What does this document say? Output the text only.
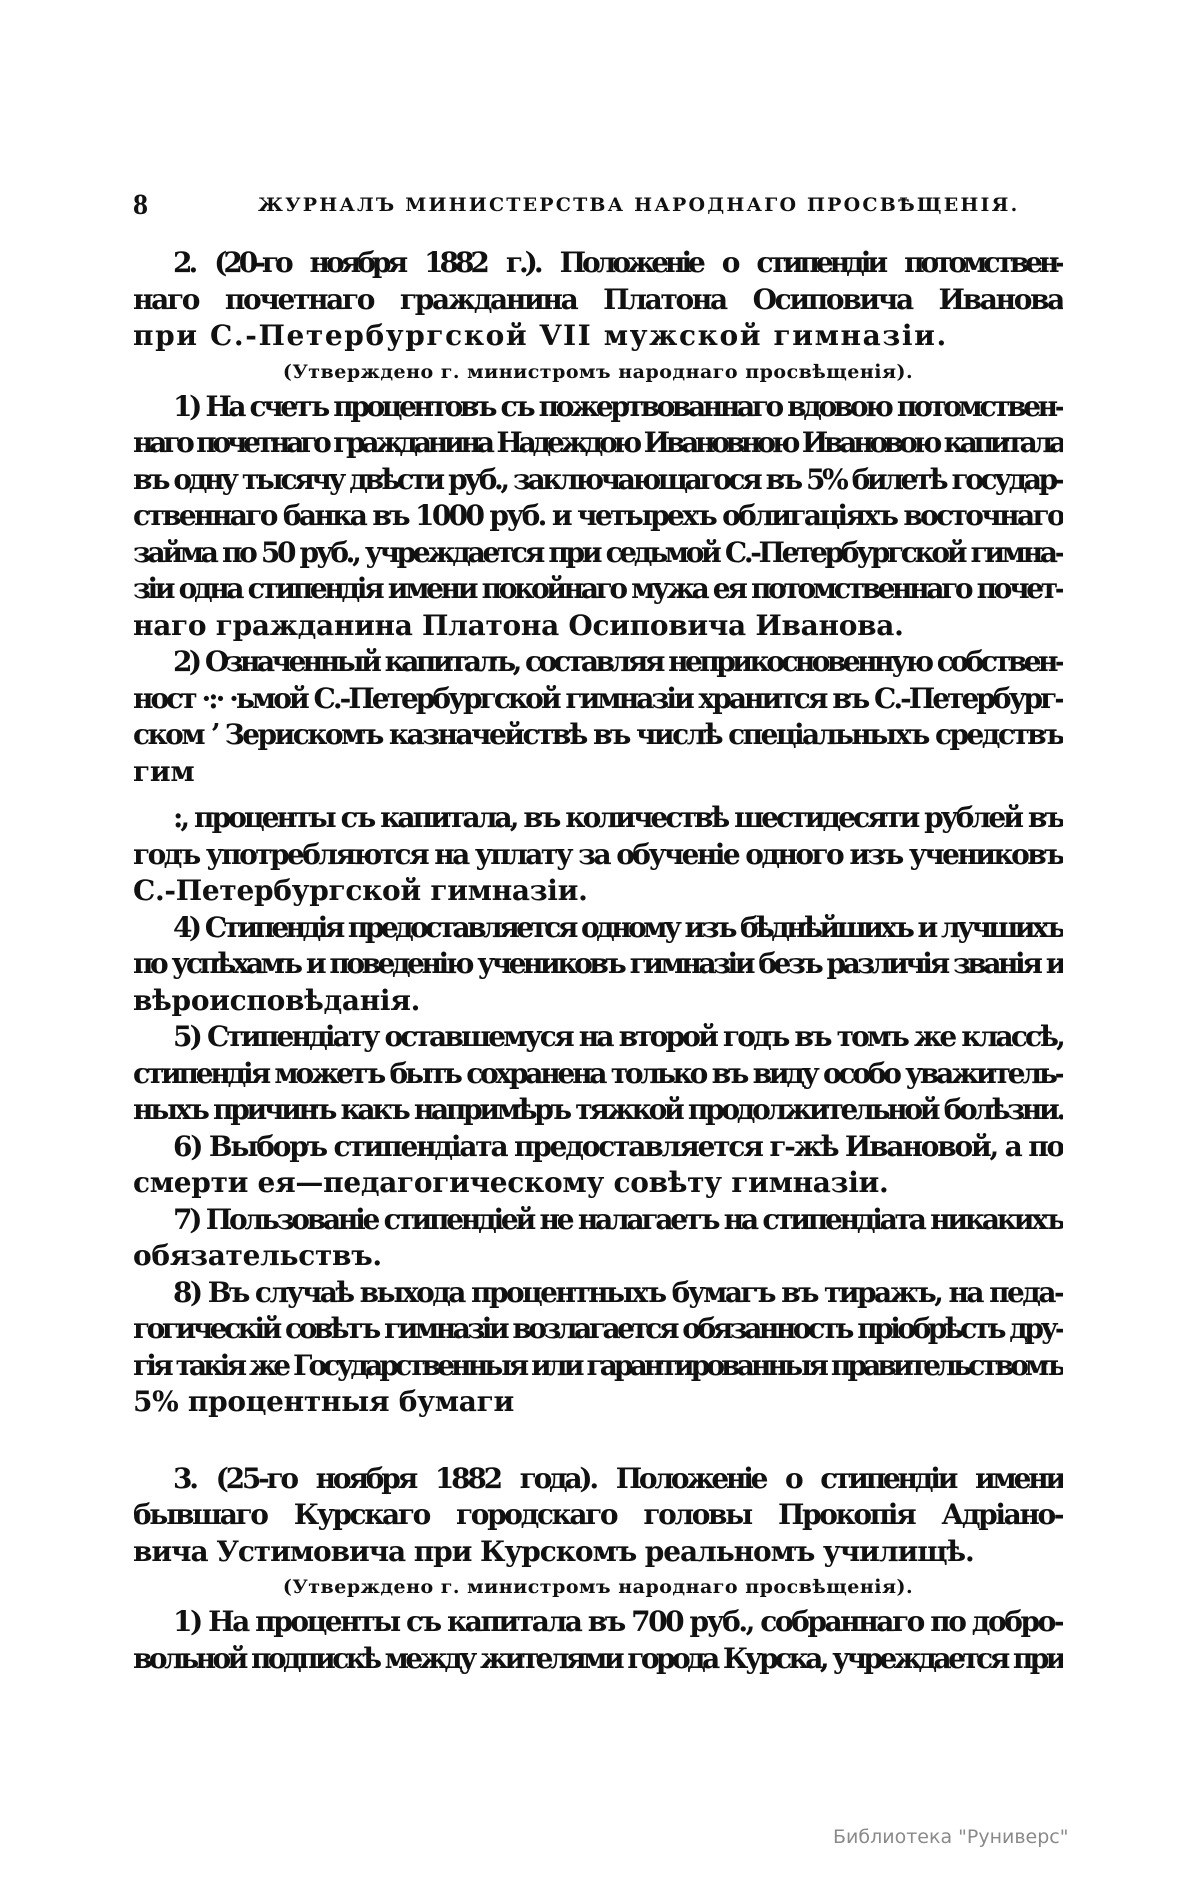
8	ЖУРНАЛЪ МИНИСТЕРСТВА НАРОДНАГО ПРОСВѢЩЕНІЯ.
2. (20-го ноября 1882 г.). Положеніе о стипендіи потомствен-
наго почетнаго гражданина Платона Осиповича Иванова
при С.-Петербургской VII мужской гимназіи.
(Утверждено г. министромъ народнаго просвѣщенія).
1) На счетъ процентовъ съ пожертвованнаго вдовою потомствен-
наго почетнаго гражданина Надеждою Ивановною Ивановою капитала
въ одну тысячу двѣсти руб., заключающагося въ 5% билетѣ государ-
ственнаго банка въ 1000 руб. и четырехъ облигаціяхъ восточнаго
займа по 50 руб., учреждается при седьмой С.-Петербургской гимна-
зіи одна стипендія имени покойнаго мужа ея потомственнаго почет-
наго гражданина Платона Осиповича Иванова.
2) Означенный капиталъ, составляя неприкосновенную собствен-
ност ·:· ·ьмой С.-Петербургской гимназіи хранится въ С.-Петербург-
ском ʼ Зерискомъ казначействѣ въ числѣ спеціальныхъ средствъ
гим
:, проценты съ капитала, въ количествѣ шестидесяти рублей въ
годъ употребляются на уплату за обученіе одного изъ учениковъ
С.-Петербургской гимназіи.
4) Стипендія предоставляется одному изъ бѣднѣйшихъ и лучшихъ
по успѣхамъ и поведенію учениковъ гимназіи безъ различія званія и
вѣроисповѣданія.
5) Стипендіату оставшемуся на второй годъ въ томъ же классѣ,
стипендія можетъ быть сохранена только въ виду особо уважитель-
ныхъ причинъ какъ напримѣръ тяжкой продолжительной болѣзни.
6) Выборъ стипендіата предоставляется г-жѣ Ивановой, а по
смерти ея—педагогическому совѣту гимназіи.
7) Пользованіе стипендіей не налагаетъ на стипендіата никакихъ
обязательствъ.
8) Въ случаѣ выхода процентныхъ бумагъ въ тиражъ, на педа-
гогическій совѣтъ гимназіи возлагается обязанность пріобрѣсть дру-
гія такія же Государственныя или гарантированныя правительствомъ
5% процентныя бумаги
3. (25-го ноября 1882 года). Положеніе о стипендіи имени
бывшаго Курскаго городскаго головы Прокопія Адріано-
вича Устимовича при Курскомъ реальномъ училищѣ.
(Утверждено г. министромъ народнаго просвѣщенія).
1) На проценты съ капитала въ 700 руб., собраннаго по добро-
вольной подпискѣ между жителями города Курска, учреждается при
Библиотека "Руниверс"
